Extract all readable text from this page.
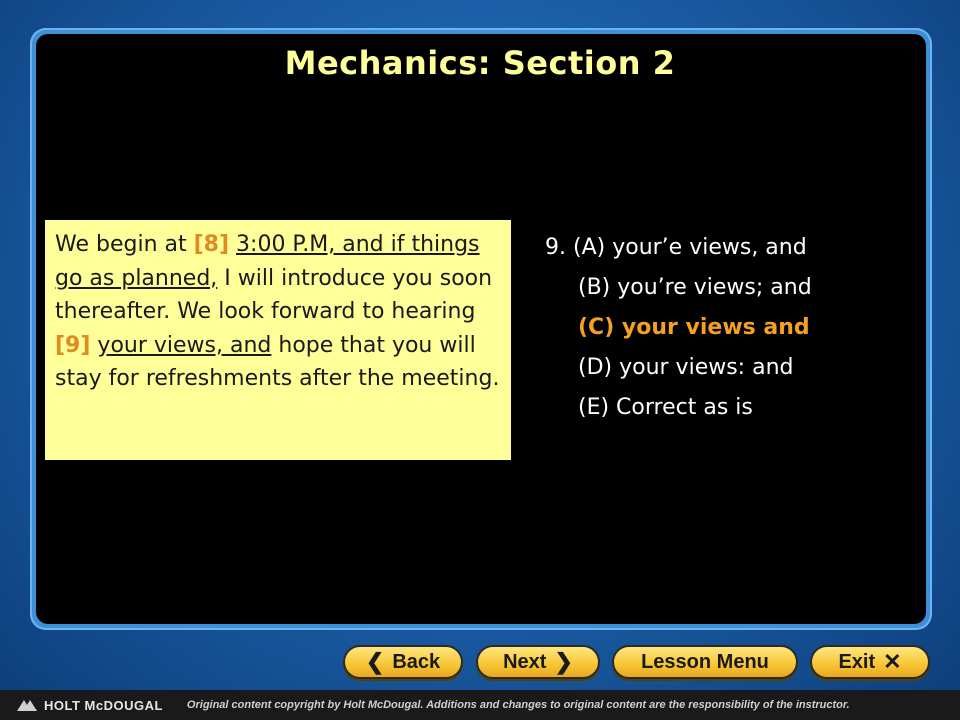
Mechanics: Section 2
We begin at [8] 3:00 P.M, and if things go as planned, I will introduce you soon thereafter. We look forward to hearing [9] your views, and hope that you will stay for refreshments after the meeting.
9. (A) your’e views, and
(B) you’re views; and
(C) your views and
(D) your views: and
(E) Correct as is
❮ Back	Next ❯	Lesson Menu	Exit ✕
HOLT McDOUGAL Original content copyright by Holt McDougal. Additions and changes to original content are the responsibility of the instructor.
